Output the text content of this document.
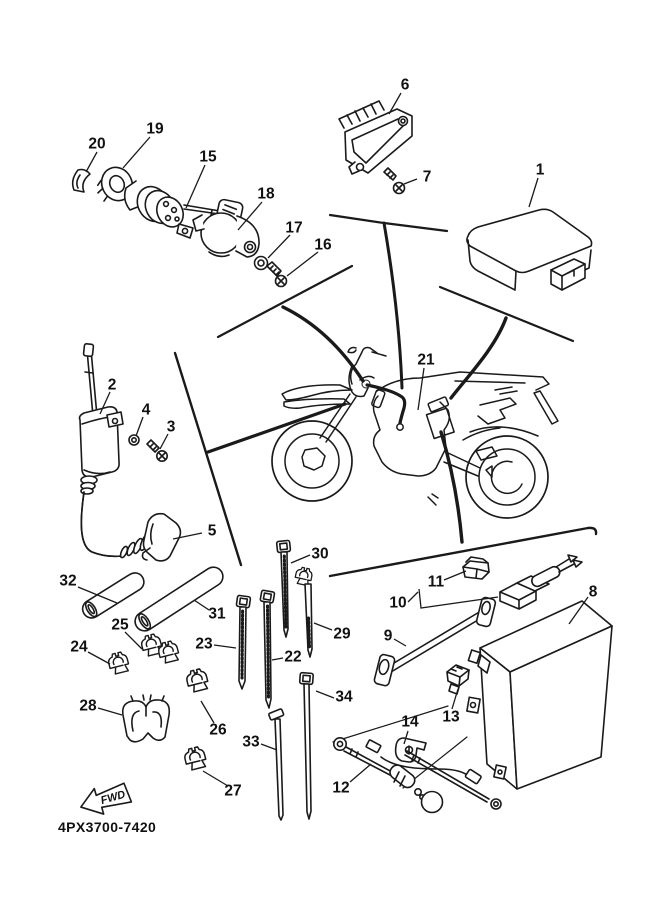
20
19
15
18
17
16
6
7	1
2
4
3
5
21
32
31
25
24	23
30
22
29
28
26
33
27
34
11
10
9
8
13
14
12
FWD
4PX3700-7420
